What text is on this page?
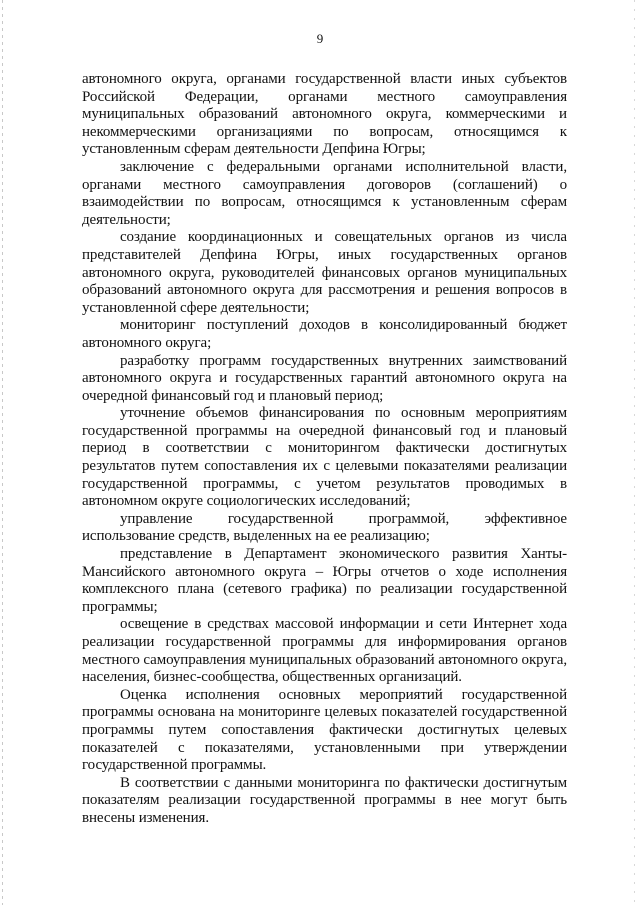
9

автономного округа, органами государственной власти иных субъектов Российской Федерации, органами местного самоуправления муниципальных образований автономного округа, коммерческими и некоммерческими организациями по вопросам, относящимся к установленным сферам деятельности Депфина Югры;

заключение с федеральными органами исполнительной власти, органами местного самоуправления договоров (соглашений) о взаимодействии по вопросам, относящимся к установленным сферам деятельности;

создание координационных и совещательных органов из числа представителей Депфина Югры, иных государственных органов автономного округа, руководителей финансовых органов муниципальных образований автономного округа для рассмотрения и решения вопросов в установленной сфере деятельности;

мониторинг поступлений доходов в консолидированный бюджет автономного округа;

разработку программ государственных внутренних заимствований автономного округа и государственных гарантий автономного округа на очередной финансовый год и плановый период;

уточнение объемов финансирования по основным мероприятиям государственной программы на очередной финансовый год и плановый период в соответствии с мониторингом фактически достигнутых результатов путем сопоставления их с целевыми показателями реализации государственной программы, с учетом результатов проводимых в автономном округе социологических исследований;

управление государственной программой, эффективное использование средств, выделенных на ее реализацию;

представление в Департамент экономического развития Ханты-Мансийского автономного округа – Югры отчетов о ходе исполнения комплексного плана (сетевого графика) по реализации государственной программы;

освещение в средствах массовой информации и сети Интернет хода реализации государственной программы для информирования органов местного самоуправления муниципальных образований автономного округа, населения, бизнес-сообщества, общественных организаций.

Оценка исполнения основных мероприятий государственной программы основана на мониторинге целевых показателей государственной программы путем сопоставления фактически достигнутых целевых показателей с показателями, установленными при утверждении государственной программы.

В соответствии с данными мониторинга по фактически достигнутым показателям реализации государственной программы в нее могут быть внесены изменения.
